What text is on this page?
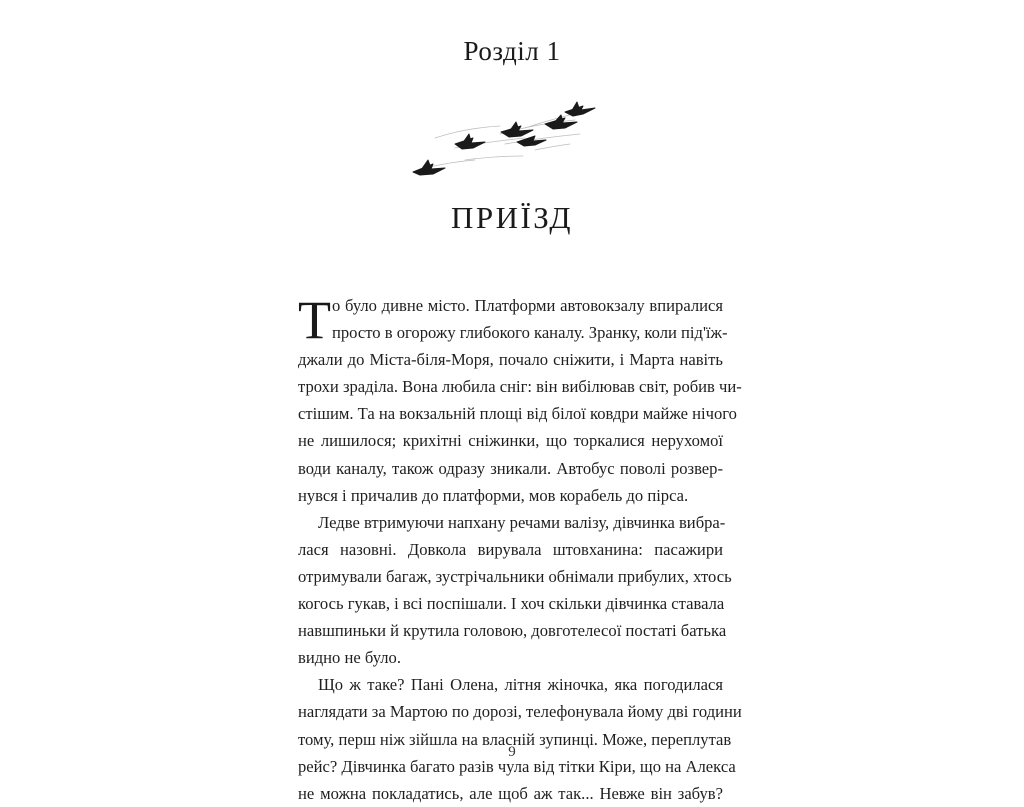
Розділ 1
ПРИЇЗД
Т о було дивне місто. Платформи автовокзалу впиралися
просто в огорожу глибокого каналу. Зранку, коли під'їж-
джали до Міста-біля-Моря, почало сніжити, і Марта навіть
трохи зраділа. Вона любила сніг: він вибілював світ, робив чи-
стішим. Та на вокзальній площі від білої ковдри майже нічого
не лишилося; крихітні сніжинки, що торкалися нерухомої
води каналу, також одразу зникали. Автобус поволі розвер-
нувся і причалив до платформи, мов корабель до пірса.
Ледве втримуючи напхану речами валізу, дівчинка вибра-
лася назовні. Довкола вирувала штовханина: пасажири
отримували багаж, зустрічальники обнімали прибулих, хтось
когось гукав, і всі поспішали. І хоч скільки дівчинка ставала
навшпиньки й крутила головою, довготелесої постаті батька
видно не було.
Що ж таке? Пані Олена, літня жіночка, яка погодилася
наглядати за Мартою по дорозі, телефонувала йому дві години
тому, перш ніж зійшла на власній зупинці. Може, переплутав
рейс? Дівчинка багато разів чула від тітки Кіри, що на Алекса
не можна покладатись, але щоб аж так... Невже він забув?
9
